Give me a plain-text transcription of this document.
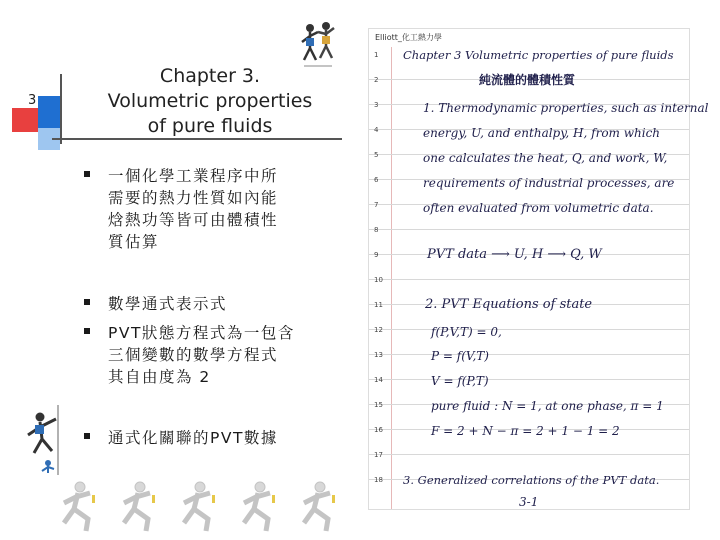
3
Chapter 3.
Volumetric properties
of pure fluids
一個化學工業程序中所
需要的熱力性質如內能
焓熱功等皆可由體積性
質估算
數學通式表示式
PVT狀態方程式為一包含
三個變數的數學方程式
其自由度為 2
通式化關聯的PVT數據
Elliott_化工熱力學
1
2
3
4
5
6
7
8
9
10
11
12
13
14
15
16
17
18
Chapter 3 Volumetric properties of pure fluids
純流體的體積性質
1. Thermodynamic properties, such as internal
energy, U, and enthalpy, H, from which
one calculates the heat, Q, and work, W,
requirements of industrial processes, are
often evaluated from volumetric data.
PVT data ⟶ U, H ⟶ Q, W
2. PVT Equations of state
f(P,V,T) = 0,
P = f(V,T)
V = f(P,T)
pure fluid : N = 1, at one phase, π = 1
F = 2 + N − π = 2 + 1 − 1 = 2
3. Generalized correlations of the PVT data.
3-1
